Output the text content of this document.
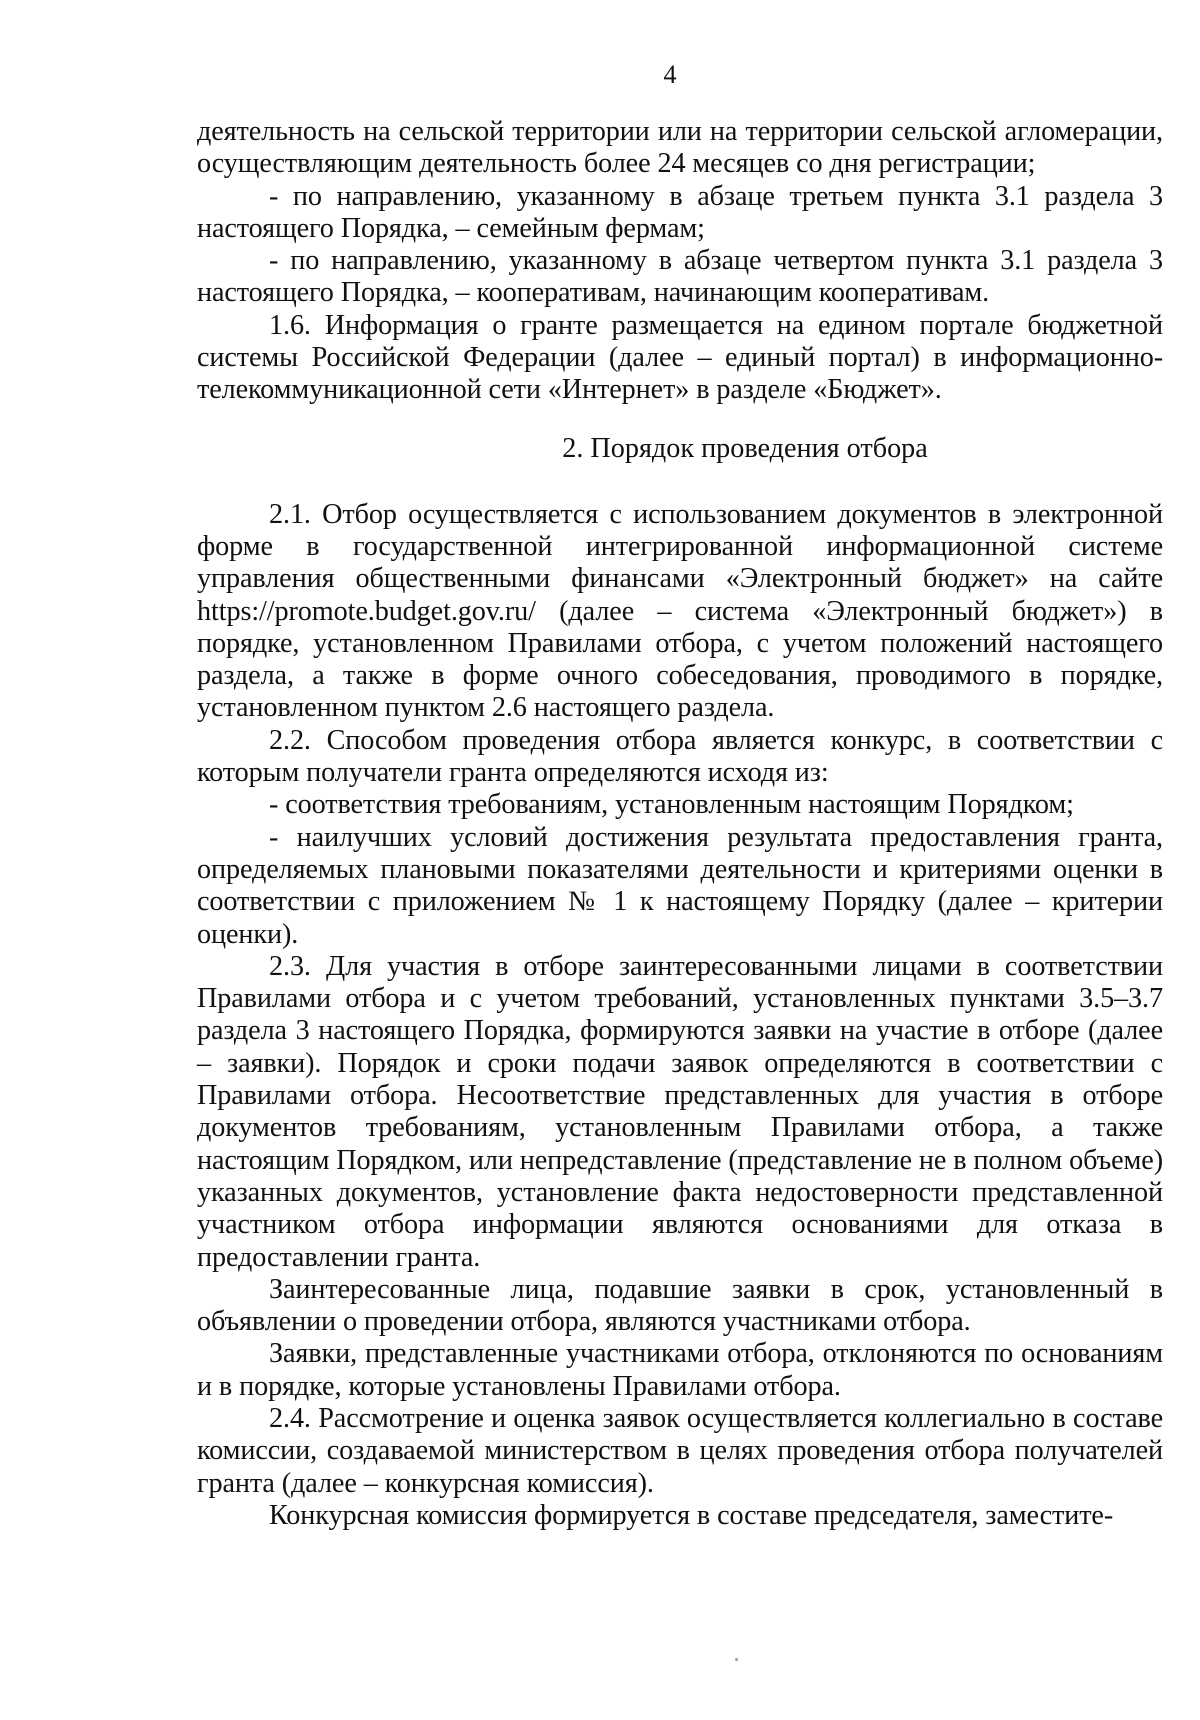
4

деятельность на сельской территории или на территории сельской агломерации, осуществляющим деятельность более 24 месяцев со дня регистрации;

- по направлению, указанному в абзаце третьем пункта 3.1 раздела 3 настоящего Порядка, – семейным фермам;

- по направлению, указанному в абзаце четвертом пункта 3.1 раздела 3 настоящего Порядка, – кооперативам, начинающим кооперативам.

1.6. Информация о гранте размещается на едином портале бюджетной системы Российской Федерации (далее – единый портал) в информационно-телекоммуникационной сети «Интернет» в разделе «Бюджет».

2. Порядок проведения отбора

2.1. Отбор осуществляется с использованием документов в электронной форме в государственной интегрированной информационной системе управления общественными финансами «Электронный бюджет» на сайте https://promote.budget.gov.ru/ (далее – система «Электронный бюджет») в порядке, установленном Правилами отбора, с учетом положений настоящего раздела, а также в форме очного собеседования, проводимого в порядке, установленном пунктом 2.6 настоящего раздела.

2.2. Способом проведения отбора является конкурс, в соответствии с которым получатели гранта определяются исходя из:

- соответствия требованиям, установленным настоящим Порядком;

- наилучших условий достижения результата предоставления гранта, определяемых плановыми показателями деятельности и критериями оценки в соответствии с приложением № 1 к настоящему Порядку (далее – критерии оценки).

2.3. Для участия в отборе заинтересованными лицами в соответствии Правилами отбора и с учетом требований, установленных пунктами 3.5–3.7 раздела 3 настоящего Порядка, формируются заявки на участие в отборе (далее – заявки). Порядок и сроки подачи заявок определяются в соответствии с Правилами отбора. Несоответствие представленных для участия в отборе документов требованиям, установленным Правилами отбора, а также настоящим Порядком, или непредставление (представление не в полном объеме) указанных документов, установление факта недостоверности представленной участником отбора информации являются основаниями для отказа в предоставлении гранта.

Заинтересованные лица, подавшие заявки в срок, установленный в объявлении о проведении отбора, являются участниками отбора.

Заявки, представленные участниками отбора, отклоняются по основаниям и в порядке, которые установлены Правилами отбора.

2.4. Рассмотрение и оценка заявок осуществляется коллегиально в составе комиссии, создаваемой министерством в целях проведения отбора получателей гранта (далее – конкурсная комиссия).

Конкурсная комиссия формируется в составе председателя, заместите-
